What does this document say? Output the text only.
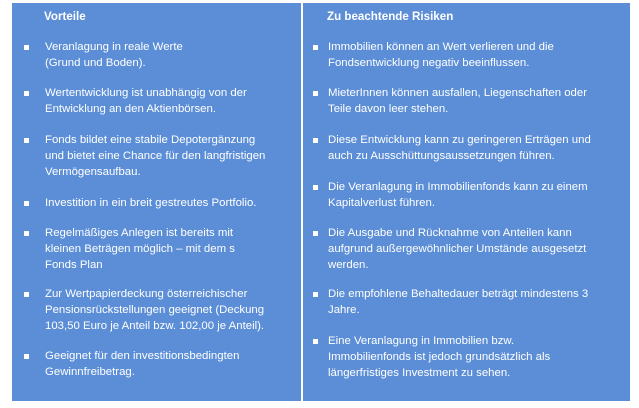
Vorteile
Veranlagung in reale Werte
(Grund und Boden).
Wertentwicklung ist unabhängig von der
Entwicklung an den Aktienbörsen.
Fonds bildet eine stabile Depotergänzung
und bietet eine Chance für den langfristigen
Vermögensaufbau.
Investition in ein breit gestreutes Portfolio.
Regelmäßiges Anlegen ist bereits mit
kleinen Beträgen möglich – mit dem s
Fonds Plan
Zur Wertpapierdeckung österreichischer
Pensionsrückstellungen geeignet (Deckung
103,50 Euro je Anteil bzw. 102,00 je Anteil).
Geeignet für den investitionsbedingten
Gewinnfreibetrag.
Zu beachtende Risiken
Immobilien können an Wert verlieren und die
Fondsentwicklung negativ beeinflussen.
MieterInnen können ausfallen, Liegenschaften oder
Teile davon leer stehen.
Diese Entwicklung kann zu geringeren Erträgen und
auch zu Ausschüttungsaussetzungen führen.
Die Veranlagung in Immobilienfonds kann zu einem
Kapitalverlust führen.
Die Ausgabe und Rücknahme von Anteilen kann
aufgrund außergewöhnlicher Umstände ausgesetzt
werden.
Die empfohlene Behaltedauer beträgt mindestens 3
Jahre.
Eine Veranlagung in Immobilien bzw.
Immobilienfonds ist jedoch grundsätzlich als
längerfristiges Investment zu sehen.
